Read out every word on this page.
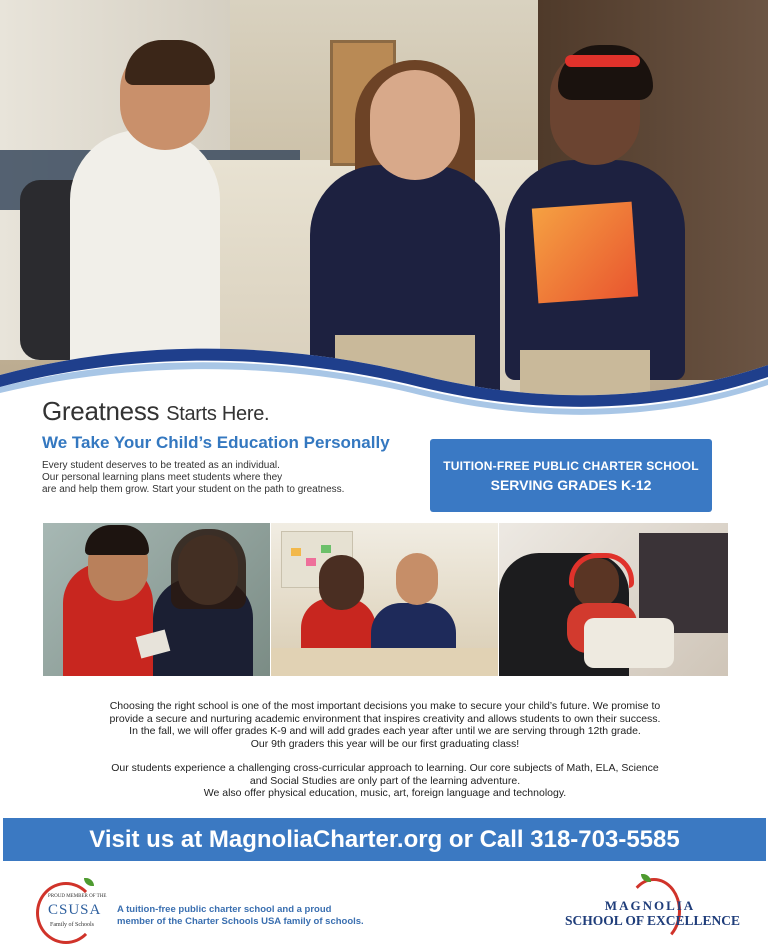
Greatness Starts Here.
We Take Your Child’s Education Personally
Every student deserves to be treated as an individual.
Our personal learning plans meet students where they
are and help them grow. Start your student on the path to greatness.
TUITION-FREE PUBLIC CHARTER SCHOOL
SERVING GRADES K-12
Choosing the right school is one of the most important decisions you make to secure your child’s future. We promise to
provide a secure and nurturing academic environment that inspires creativity and allows students to own their success.
In the fall, we will offer grades K-9 and will add grades each year after until we are serving through 12th grade.
Our 9th graders this year will be our first graduating class!
Our students experience a challenging cross-curricular approach to learning. Our core subjects of Math, ELA, Science
and Social Studies are only part of the learning adventure.
We also offer physical education, music, art, foreign language and technology.
Visit us at MagnoliaCharter.org or Call 318-703-5585
PROUD MEMBER OF THE
CSUSA
Family of Schools
A tuition-free public charter school and a proud
member of the Charter Schools USA family of schools.
MAGNOLIA
SCHOOL OF EXCELLENCE
